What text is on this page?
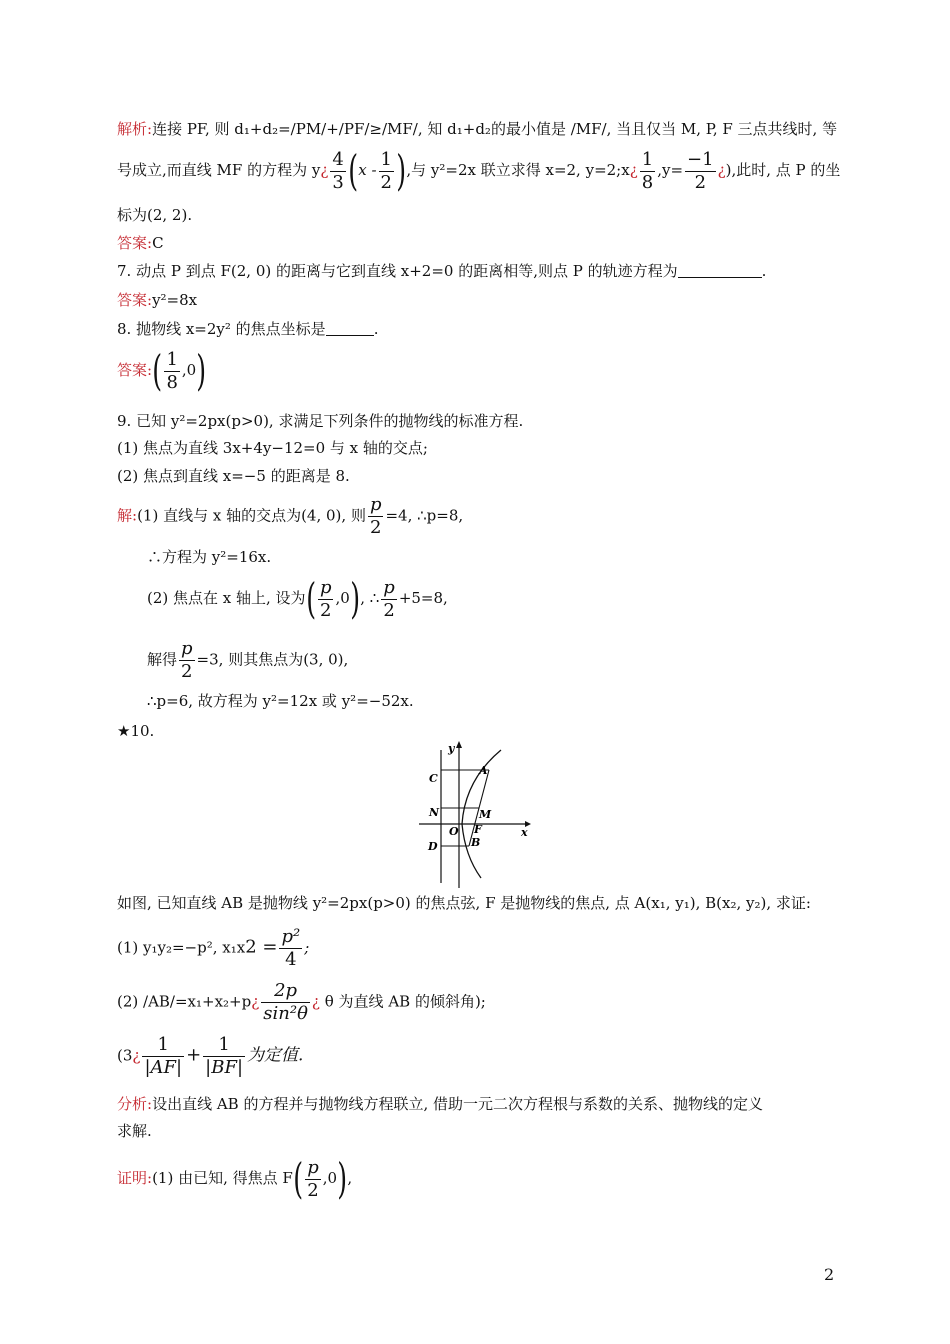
解析:连接 PF, 则 d₁+d₂=/PM/+/PF/≥/MF/, 知 d₁+d₂的最小值是 /MF/, 当且仅当 M, P, F 三点共线时, 等
号成立,而直线 MF 的方程为 y¿ $\frac{4}{3} (x - \frac{1}{2}$ ),与 y²=2x 联立求得 x=2, y=2;x¿ $\frac{1}{8} ,y= \frac{-1}{2}$ ¿),此时, 点 P 的坐
标为(2, 2).
答案:C
7. 动点 P 到点 F(2, 0) 的距离与它到直线 x+2=0 的距离相等,则点 P 的轨迹方程为	.
答案:y²=8x
8. 抛物线 x=2y² 的焦点坐标是	.
答案:( $\frac{1}{8} ,0$)
9. 已知 y²=2px(p>0), 求满足下列条件的抛物线的标准方程.
(1) 焦点为直线 3x+4y−12=0 与 x 轴的交点;
(2) 焦点到直线 x=−5 的距离是 8.
解:(1) 直线与 x 轴的交点为(4, 0), 则 $\frac{p}{2} =4$, ∴p=8,
∴方程为 y²=16x.
(2) 焦点在 x 轴上, 设为( $\frac{p}{2} ,0$), ∴ $\frac{p}{2} +5=8$,
解得 $\frac{p}{2} =3$, 则其焦点为(3, 0),
∴p=6, 故方程为 y²=12x 或 y²=−52x.
★10.
y
x
C
A
N	M
O F
D	B
如图, 已知直线 AB 是抛物线 y²=2px(p>0) 的焦点弦, F 是抛物线的焦点, 点 A(x₁, y₁), B(x₂, y₂), 求证:
(1) y₁y₂=−p², $x_1x2 = \frac{\text{p²}}{4}$ ;
(2) /AB/=x₁+x₂+p¿ $\frac{2p}{\text{sin²θ}}$ ¿ θ 为直线 AB 的倾斜角);
(3¿ $\frac{1}{|AF|} + \frac{1}{|BF|}$ 为定值.
分析:设出直线 AB 的方程并与抛物线方程联立, 借助一元二次方程根与系数的关系、抛物线的定义
求解.
证明:(1) 由已知, 得焦点 $F( \frac{p}{2} ,0)$,
2
